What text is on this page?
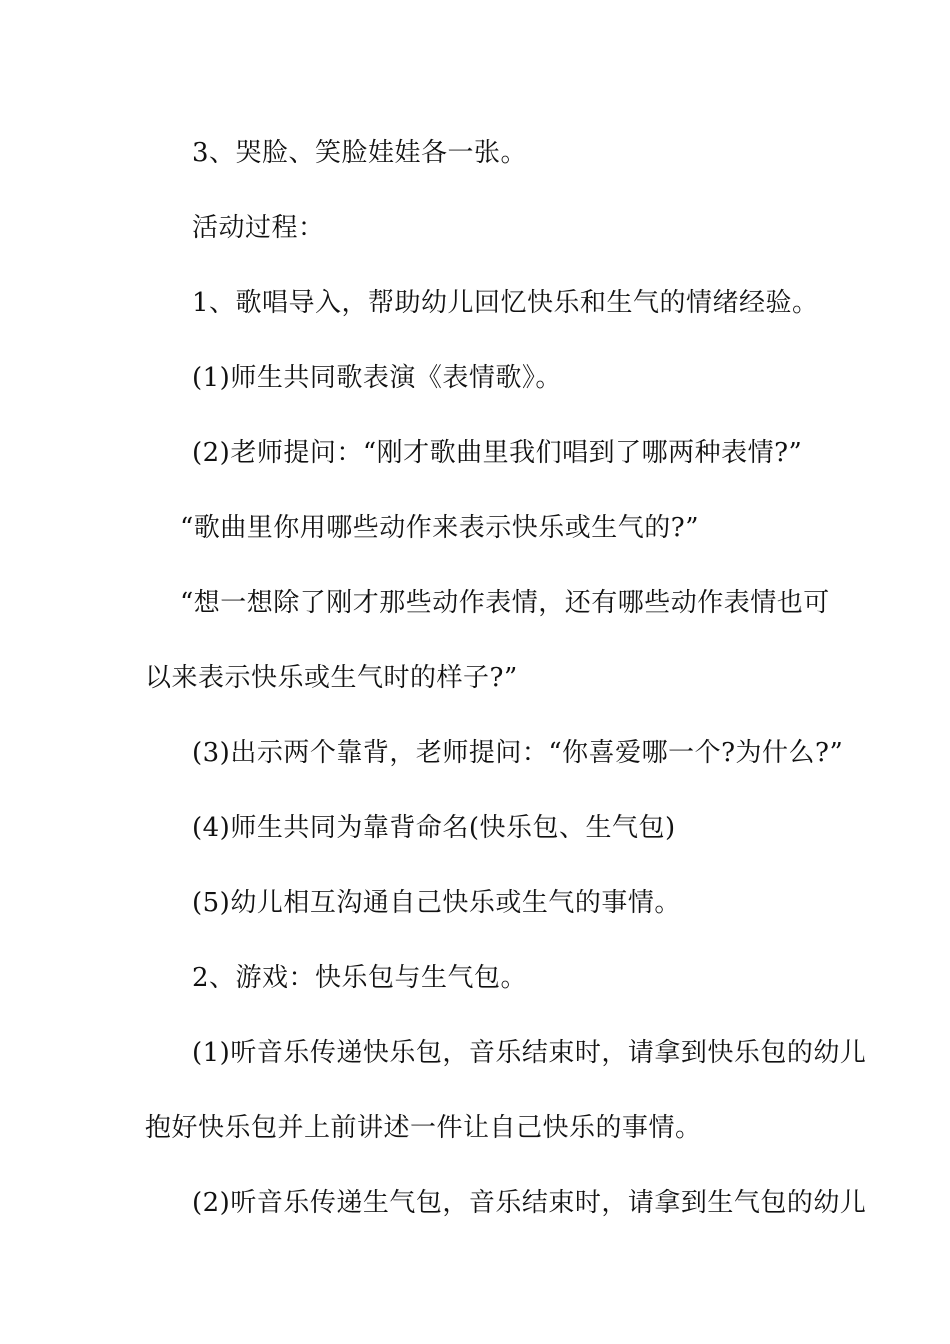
3、哭脸、笑脸娃娃各一张。
活动过程：
1、歌唱导入，帮助幼儿回忆快乐和生气的情绪经验。
(1)师生共同歌表演《表情歌》。
(2)老师提问：“刚才歌曲里我们唱到了哪两种表情?”
“歌曲里你用哪些动作来表示快乐或生气的?”
“想一想除了刚才那些动作表情，还有哪些动作表情也可
以来表示快乐或生气时的样子?”
(3)出示两个靠背，老师提问：“你喜爱哪一个?为什么?”
(4)师生共同为靠背命名(快乐包、生气包)
(5)幼儿相互沟通自己快乐或生气的事情。
2、游戏：快乐包与生气包。
(1)听音乐传递快乐包，音乐结束时，请拿到快乐包的幼儿
抱好快乐包并上前讲述一件让自己快乐的事情。
(2)听音乐传递生气包，音乐结束时，请拿到生气包的幼儿
